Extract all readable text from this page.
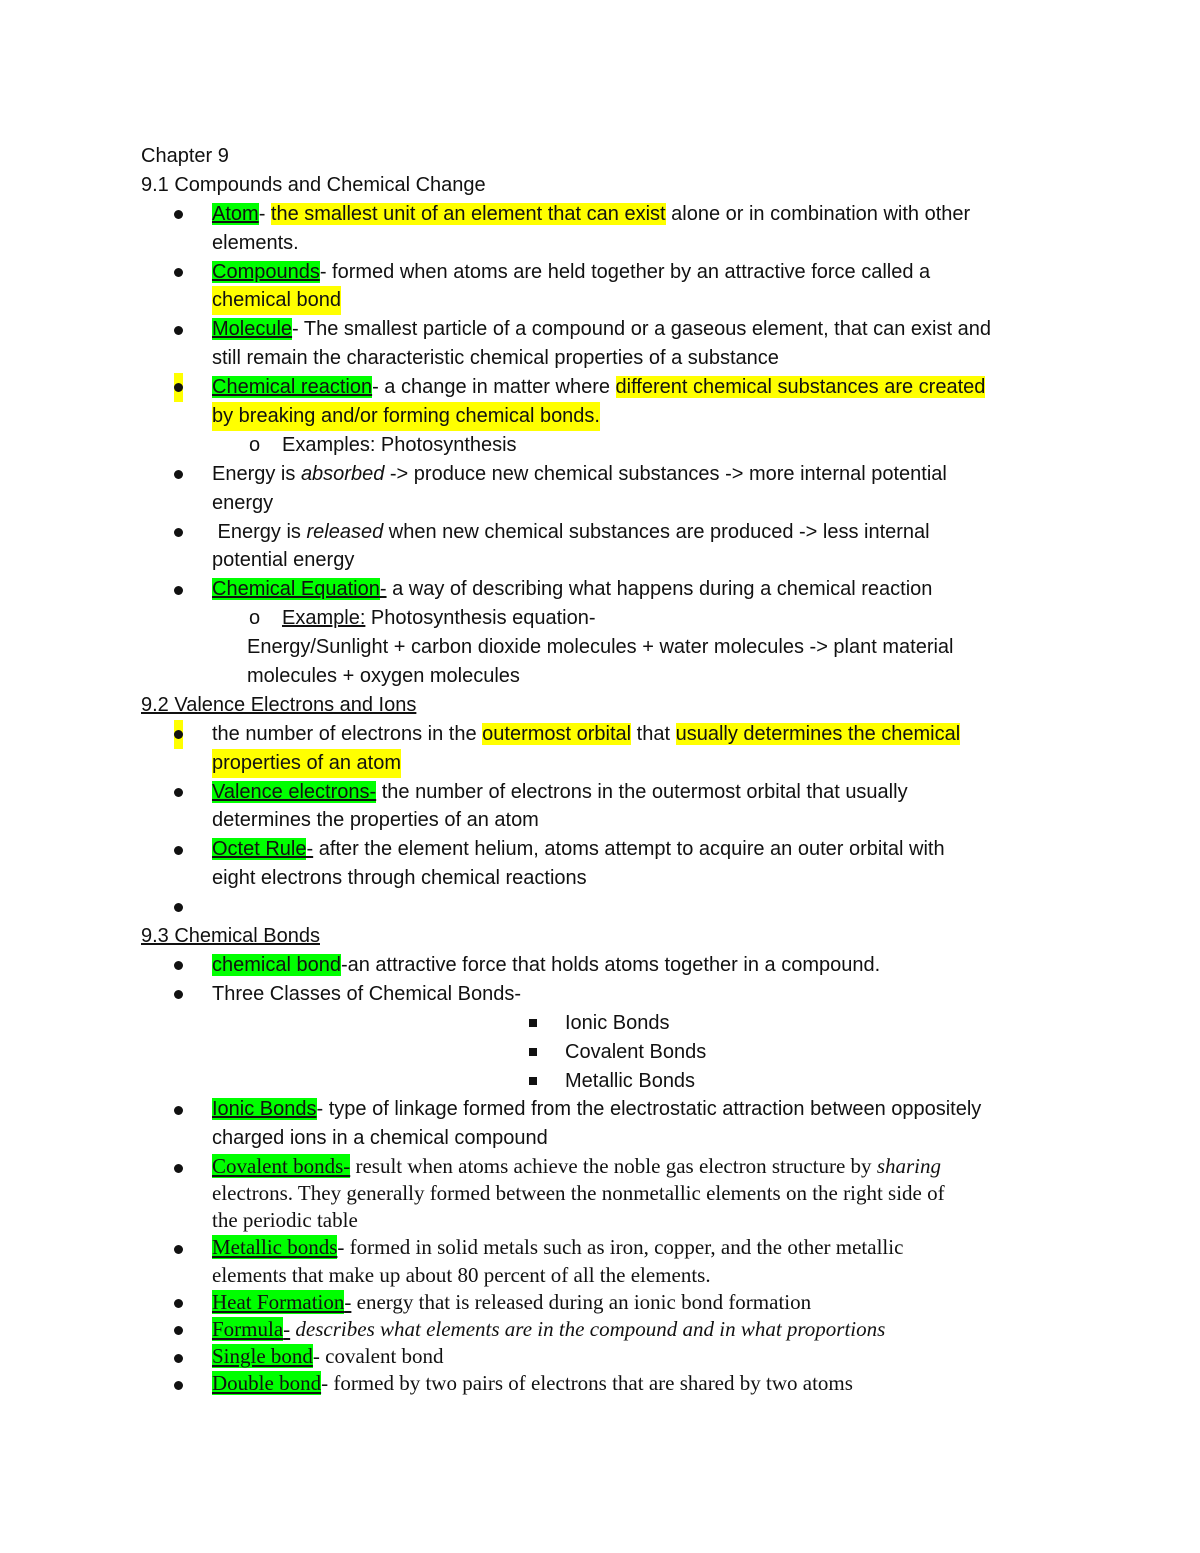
Chapter 9
9.1 Compounds and Chemical Change
Atom- the smallest unit of an element that can exist alone or in combination with other
elements.
Compounds- formed when atoms are held together by an attractive force called a
chemical bond
Molecule- The smallest particle of a compound or a gaseous element, that can exist and
still remain the characteristic chemical properties of a substance
Chemical reaction- a change in matter where different chemical substances are created
by breaking and/or forming chemical bonds.
o Examples: Photosynthesis
Energy is absorbed -> produce new chemical substances -> more internal potential
energy
Energy is released when new chemical substances are produced -> less internal
potential energy
Chemical Equation- a way of describing what happens during a chemical reaction
o Example: Photosynthesis equation-
Energy/Sunlight + carbon dioxide molecules + water molecules -> plant material
molecules + oxygen molecules
9.2 Valence Electrons and Ions
the number of electrons in the outermost orbital that usually determines the chemical
properties of an atom
Valence electrons- the number of electrons in the outermost orbital that usually
determines the properties of an atom
Octet Rule- after the element helium, atoms attempt to acquire an outer orbital with
eight electrons through chemical reactions
9.3 Chemical Bonds
chemical bond-an attractive force that holds atoms together in a compound.
Three Classes of Chemical Bonds-
Ionic Bonds
Covalent Bonds
Metallic Bonds
Ionic Bonds- type of linkage formed from the electrostatic attraction between oppositely
charged ions in a chemical compound
Covalent bonds- result when atoms achieve the noble gas electron structure by sharing
electrons. They generally formed between the nonmetallic elements on the right side of
the periodic table
Metallic bonds- formed in solid metals such as iron, copper, and the other metallic
elements that make up about 80 percent of all the elements.
Heat Formation- energy that is released during an ionic bond formation
Formula- describes what elements are in the compound and in what proportions
Single bond- covalent bond
Double bond- formed by two pairs of electrons that are shared by two atoms
